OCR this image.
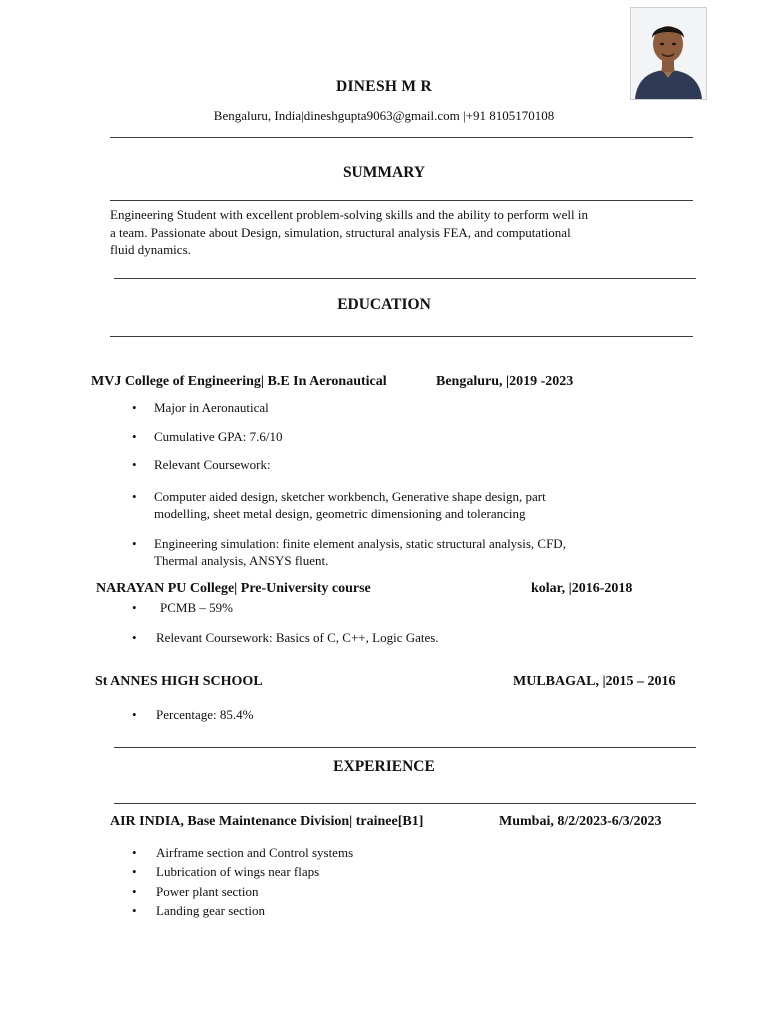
DINESH M R
Bengaluru, India|dineshgupta9063@gmail.com |+91 8105170108
SUMMARY
Engineering Student with excellent problem-solving skills and the ability to perform well in
a team. Passionate about Design, simulation, structural analysis FEA, and computational
fluid dynamics.
EDUCATION
MVJ College of Engineering| B.E In Aeronautical	Bengaluru, |2019 -2023
• Major in Aeronautical
• Cumulative GPA: 7.6/10
• Relevant Coursework:
• Computer aided design, sketcher workbench, Generative shape design, part
modelling, sheet metal design, geometric dimensioning and tolerancing
• Engineering simulation: finite element analysis, static structural analysis, CFD,
Thermal analysis, ANSYS fluent.
NARAYAN PU College| Pre-University course	kolar, |2016-2018
• PCMB – 59%
• Relevant Coursework: Basics of C, C++, Logic Gates.
St ANNES HIGH SCHOOL	MULBAGAL, |2015 – 2016
• Percentage: 85.4%
EXPERIENCE
AIR INDIA, Base Maintenance Division| trainee[B1]	Mumbai, 8/2/2023-6/3/2023
• Airframe section and Control systems
• Lubrication of wings near flaps
• Power plant section
• Landing gear section
